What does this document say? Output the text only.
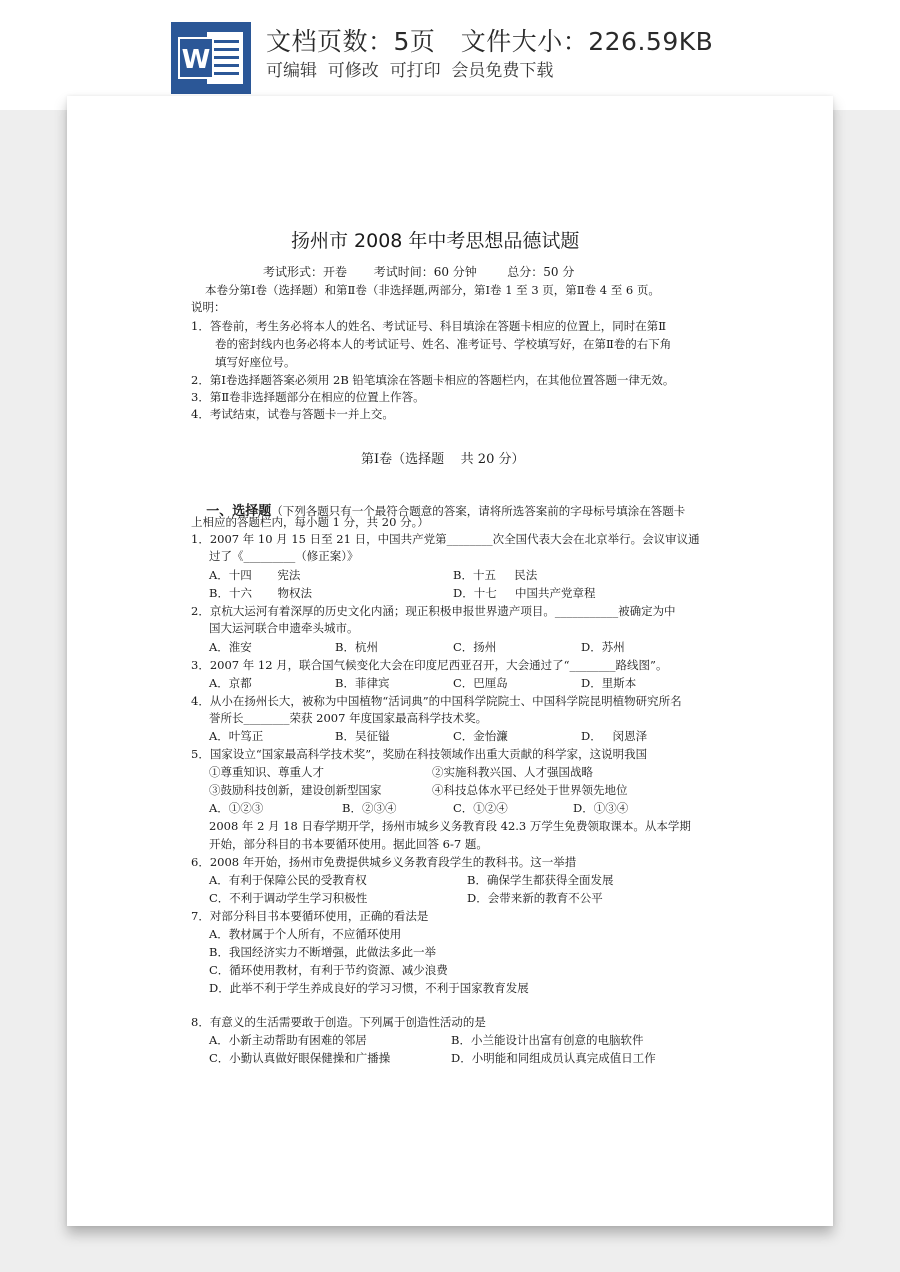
W
文档页数：5页   文件大小：226.59KB
可编辑  可修改  可打印  会员免费下载
扬州市 2008 年中考思想品德试题
考试形式：开卷       考试时间：60 分钟        总分：50 分
本卷分第Ⅰ卷（选择题）和第Ⅱ卷（非选择题,两部分，第Ⅰ卷 1 至 3 页，第Ⅱ卷 4 至 6 页。
说明：
1．答卷前，考生务必将本人的姓名、考试证号、科目填涂在答题卡相应的位置上，同时在第Ⅱ
卷的密封线内也务必将本人的考试证号、姓名、准考证号、学校填写好，在第Ⅱ卷的右下角
填写好座位号。
2．第Ⅰ卷选择题答案必须用 2B 铅笔填涂在答题卡相应的答题栏内，在其他位置答题一律无效。
3．第Ⅱ卷非选择题部分在相应的位置上作答。
4．考试结束，试卷与答题卡一并上交。
第Ⅰ卷（选择题    共 20 分）

一、选择题（下列各题只有一个最符合题意的答案，请将所选答案前的字母标号填涂在答题卡

上相应的答题栏内，每小题 1 分，共 20 分。）
1．2007 年 10 月 15 日至 21 日，中国共产党第________次全国代表大会在北京举行。会议审议通
过了《_________（修正案）》
A．十四       宪法	B．十五     民法
B．十六       物权法	D．十七     中国共产党章程
2．京杭大运河有着深厚的历史文化内涵；现正积极申报世界遗产项目。___________被确定为中
国大运河联合申遗牵头城市。
A．淮安	B．杭州	C．扬州	D．苏州
3．2007 年 12 月，联合国气候变化大会在印度尼西亚召开，大会通过了“________路线图”。
A．京都	B．菲律宾	C．巴厘岛	D．里斯本
4．从小在扬州长大，被称为中国植物“活词典”的中国科学院院士、中国科学院昆明植物研究所名
誉所长________荣获 2007 年度国家最高科学技术奖。
A．叶笃正	B．吴征镒	C．金怡濂	D．   闵恩泽
5．国家设立“国家最高科学技术奖”，奖励在科技领域作出重大贡献的科学家，这说明我国
①尊重知识、尊重人才	②实施科教兴国、人才强国战略
③鼓励科技创新，建设创新型国家	④科技总体水平已经处于世界领先地位
A．①②③	B．②③④	C．①②④	D．①③④
2008 年 2 月 18 日春学期开学，扬州市城乡义务教育段 42.3 万学生免费领取课本。从本学期
开始，部分科目的书本要循环使用。据此回答 6-7 题。
6．2008 年开始，扬州市免费提供城乡义务教育段学生的教科书。这一举措
A．有利于保障公民的受教育权	B．确保学生都获得全面发展
C．不利于调动学生学习积极性	D．会带来新的教育不公平
7．对部分科目书本要循环使用，正确的看法是
A．教材属于个人所有，不应循环使用
B．我国经济实力不断增强，此做法多此一举
C．循环使用教材，有利于节约资源、减少浪费
D．此举不利于学生养成良好的学习习惯，不利于国家教育发展
8．有意义的生活需要敢于创造。下列属于创造性活动的是
A．小新主动帮助有困难的邻居	B．小兰能设计出富有创意的电脑软件
C．小勤认真做好眼保健操和广播操	D．小明能和同组成员认真完成值日工作
